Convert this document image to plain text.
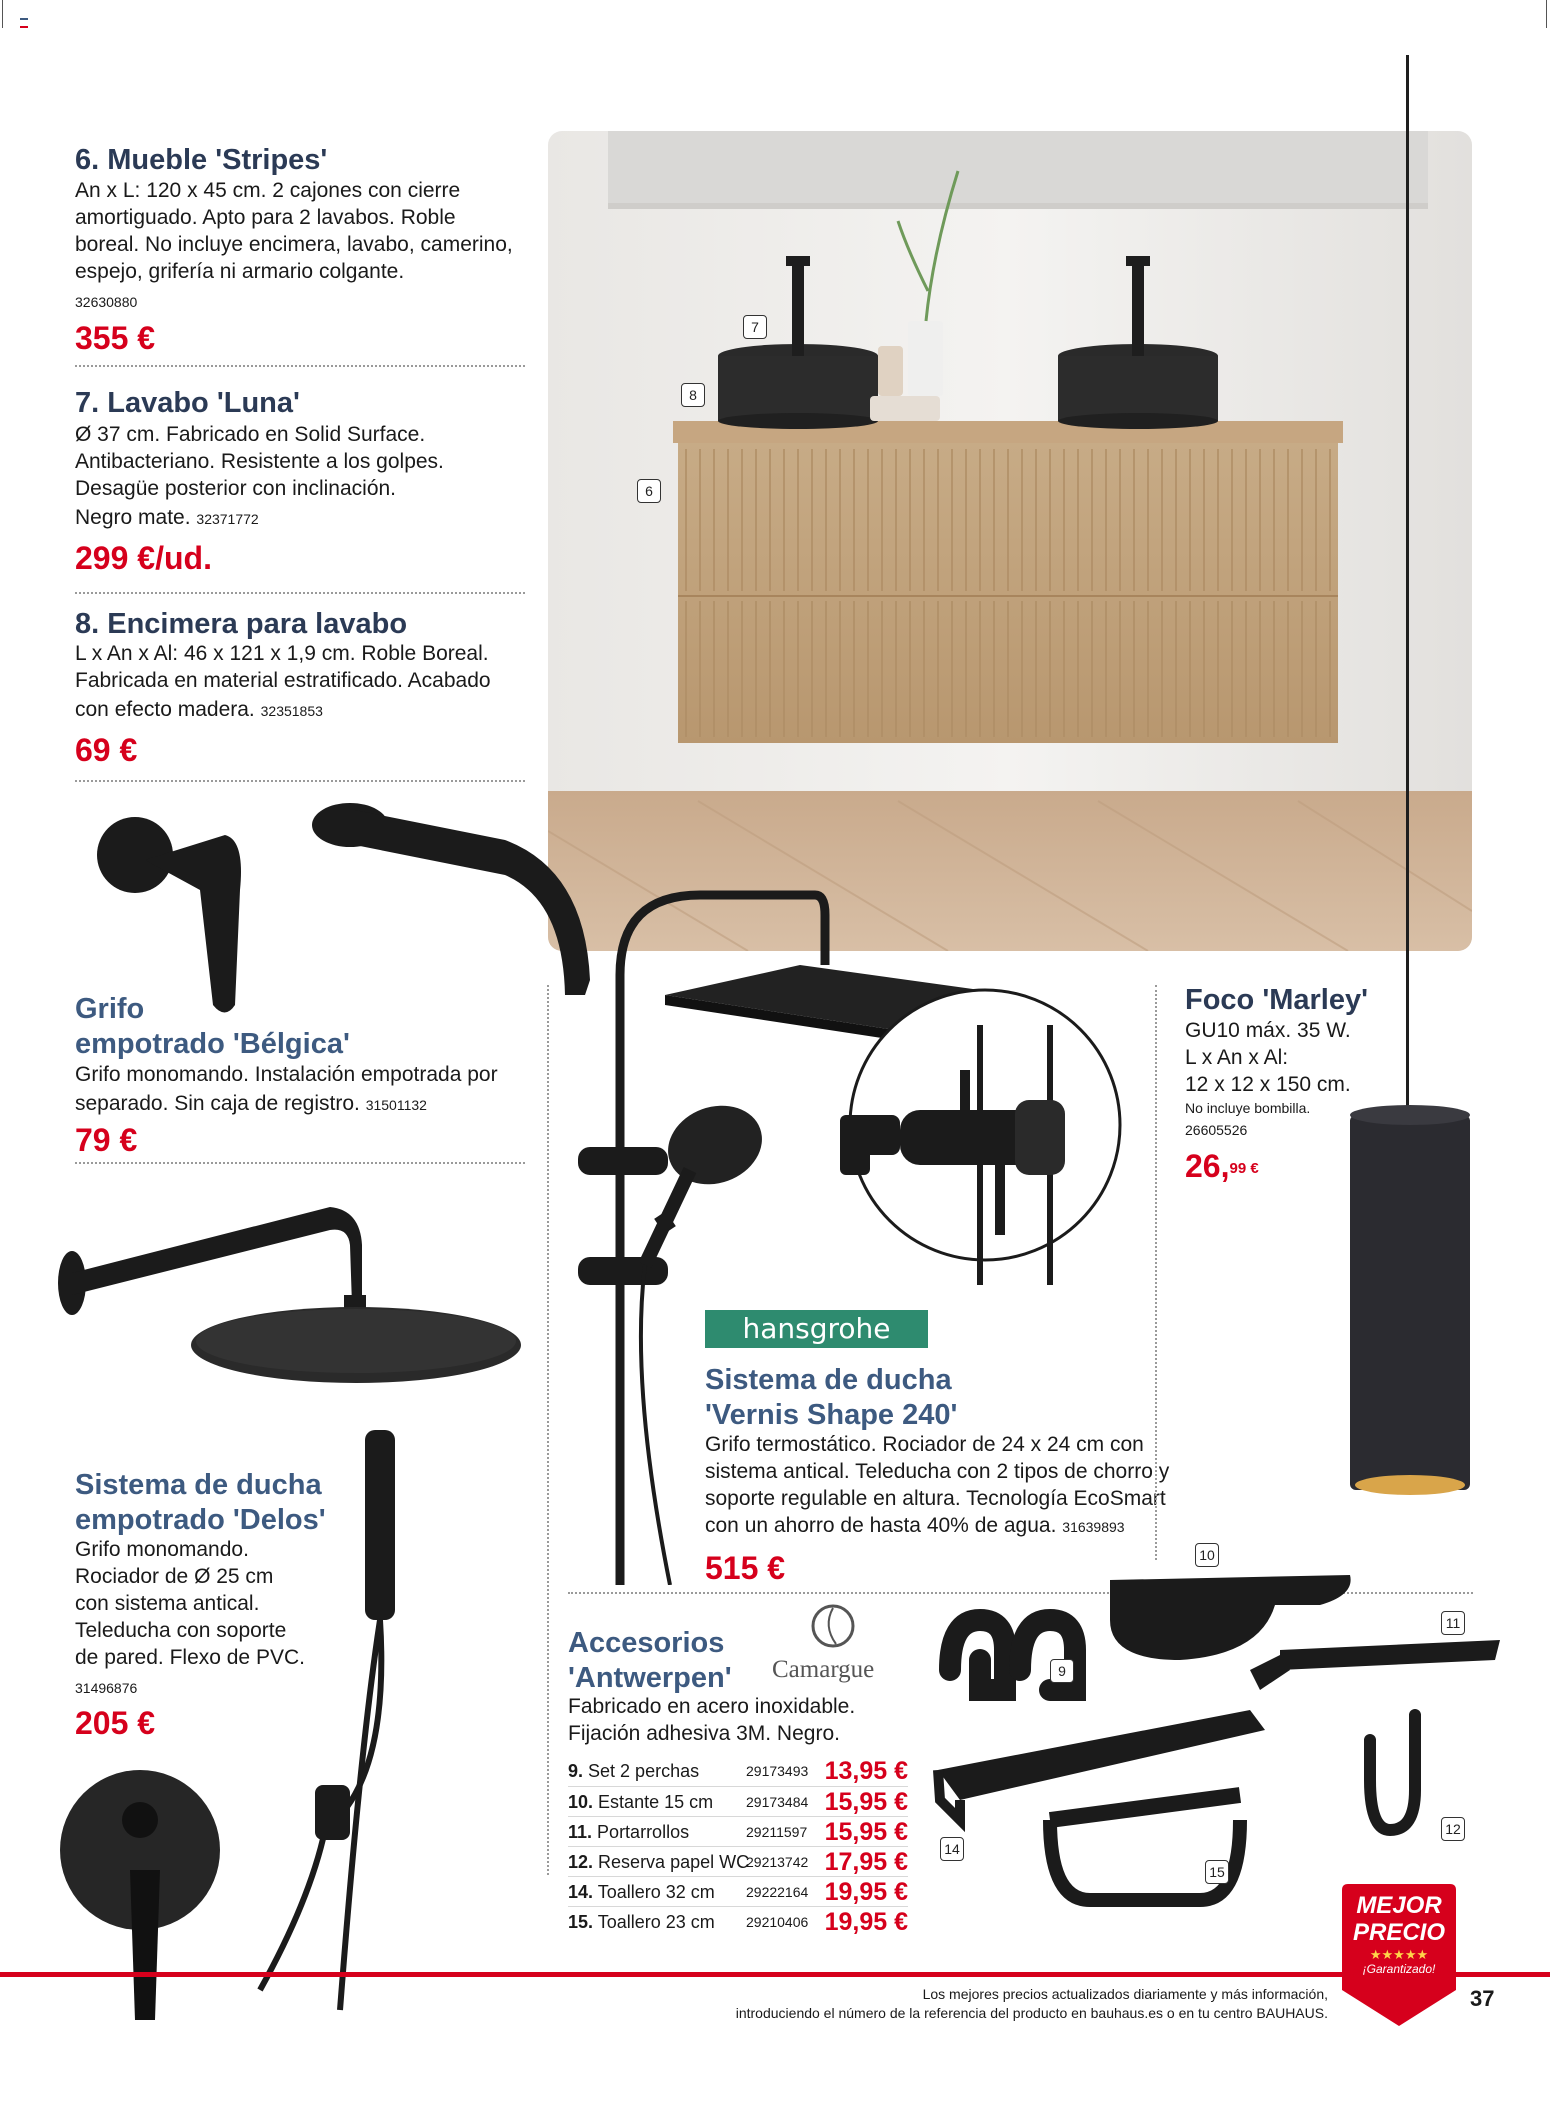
6. Mueble 'Stripes'
An x L: 120 x 45 cm. 2 cajones con cierre
amortiguado. Apto para 2 lavabos. Roble
boreal. No incluye encimera, lavabo, camerino,
espejo, grifería ni armario colgante.
32630880
355 €
7. Lavabo 'Luna'
Ø 37 cm. Fabricado en Solid Surface.
Antibacteriano. Resistente a los golpes.
Desagüe posterior con inclinación.
Negro mate. 32371772
299 €/ud.
8. Encimera para lavabo
L x An x Al: 46 x 121 x 1,9 cm. Roble Boreal.
Fabricada en material estratificado. Acabado
con efecto madera. 32351853
69 €
7
8
6
Grifo
empotrado 'Bélgica'
Grifo monomando. Instalación empotrada por
separado. Sin caja de registro. 31501132
79 €
Sistema de ducha
empotrado 'Delos'
Grifo monomando.
Rociador de Ø 25 cm
con sistema antical.
Teleducha con soporte
de pared. Flexo de PVC.
31496876
205 €
hansgrohe
Sistema de ducha
'Vernis Shape 240'
Grifo termostático. Rociador de 24 x 24 cm con
sistema antical. Teleducha con 2 tipos de chorro y
soporte regulable en altura. Tecnología EcoSmart
con un ahorro de hasta 40% de agua. 31639893
515 €
Foco 'Marley'
GU10 máx. 35 W.
L x An x Al:
12 x 12 x 150 cm.
No incluye bombilla.
26605526
26,$^{99 €}$
Accesorios
'Antwerpen' Camargue
Fabricado en acero inoxidable.
Fijación adhesiva 3M. Negro.
9. Set 2 perchas	29173493 13,95 €
10. Estante 15 cm 29173484 15,95 €
11. Portarrollos	29211597 15,95 €
12. Reserva papel WC
29213742 17,95 €
14. Toallero 32 cm 29222164 19,95 €
15. Toallero 23 cm 29210406 19,95 €
9
10
11
12
14
15
MEJOR
PRECIO
★★★★★
¡Garantizado!
Los mejores precios actualizados diariamente y más información,
introduciendo el número de la referencia del producto en bauhaus.es o en tu centro BAUHAUS.
37
